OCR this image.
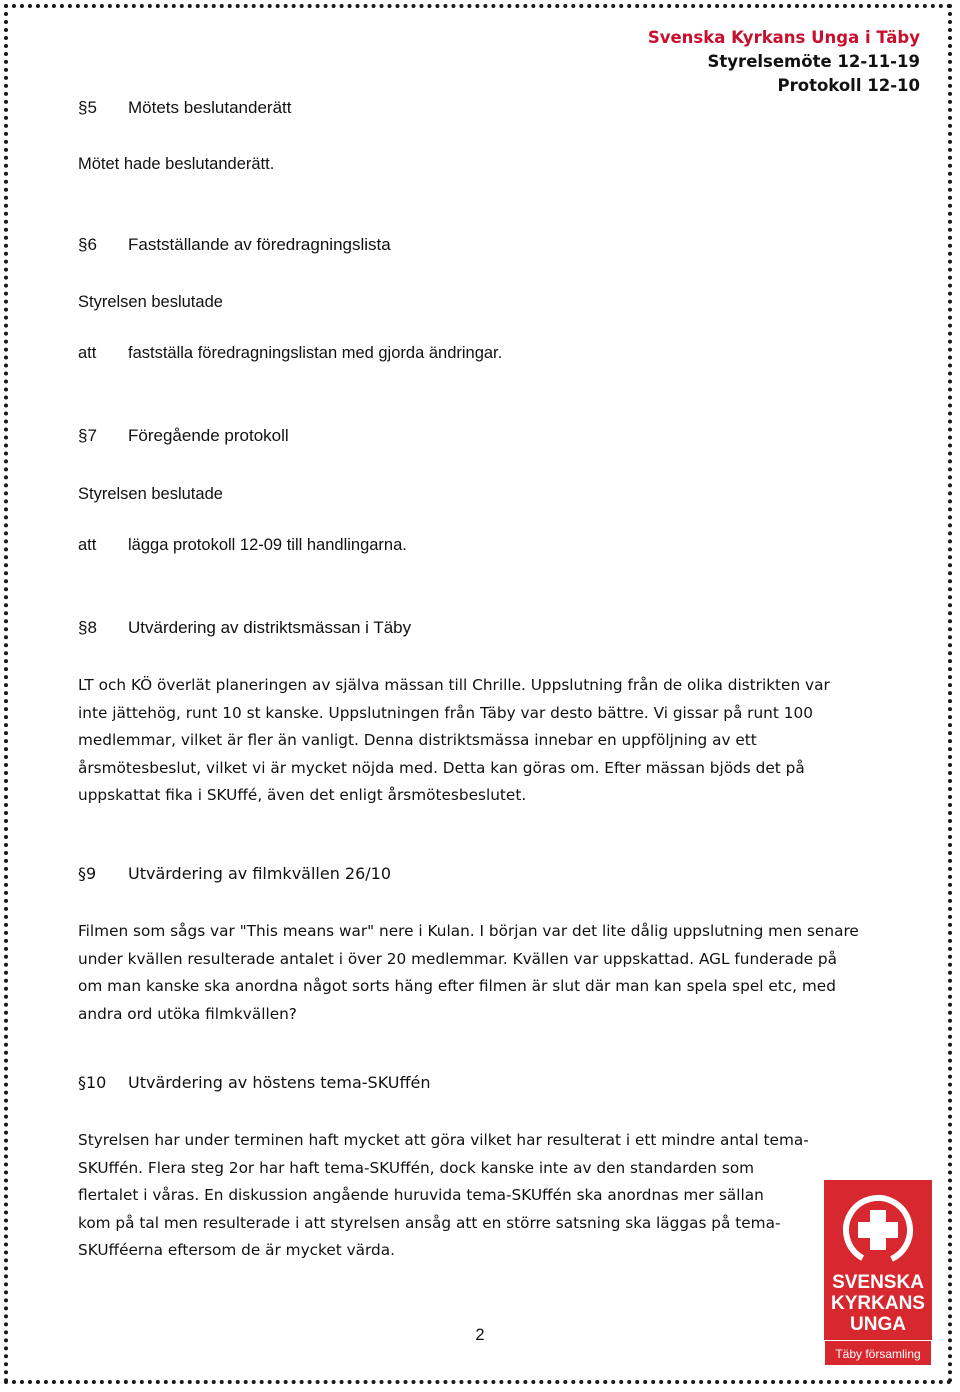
Svenska Kyrkans Unga i Täby
Styrelsemöte 12-11-19
Protokoll 12-10
§5 Mötets beslutanderätt
Mötet hade beslutanderätt.
§6 Fastställande av föredragningslista
Styrelsen beslutade
att fastställa föredragningslistan med gjorda ändringar.
§7 Föregående protokoll
Styrelsen beslutade
att lägga protokoll 12-09 till handlingarna.
§8 Utvärdering av distriktsmässan i Täby
LT och KÖ överlät planeringen av själva mässan till Chrille. Uppslutning från de olika distrikten var
inte jättehög, runt 10 st kanske. Uppslutningen från Täby var desto bättre. Vi gissar på runt 100
medlemmar, vilket är fler än vanligt. Denna distriktsmässa innebar en uppföljning av ett
årsmötesbeslut, vilket vi är mycket nöjda med. Detta kan göras om. Efter mässan bjöds det på
uppskattat fika i SKUffé, även det enligt årsmötesbeslutet.
§9 Utvärdering av filmkvällen 26/10
Filmen som sågs var "This means war" nere i Kulan. I början var det lite dålig uppslutning men senare
under kvällen resulterade antalet i över 20 medlemmar. Kvällen var uppskattad. AGL funderade på
om man kanske ska anordna något sorts häng efter filmen är slut där man kan spela spel etc, med
andra ord utöka filmkvällen?
§10 Utvärdering av höstens tema-SKUffén
Styrelsen har under terminen haft mycket att göra vilket har resulterat i ett mindre antal tema-
SKUffén. Flera steg 2or har haft tema-SKUffén, dock kanske inte av den standarden som
flertalet i våras. En diskussion angående huruvida tema-SKUffén ska anordnas mer sällan
kom på tal men resulterade i att styrelsen ansåg att en större satsning ska läggas på tema-
SKUfféerna eftersom de är mycket värda.
2
SVENSKA
KYRKANS
UNGA
Täby församling
